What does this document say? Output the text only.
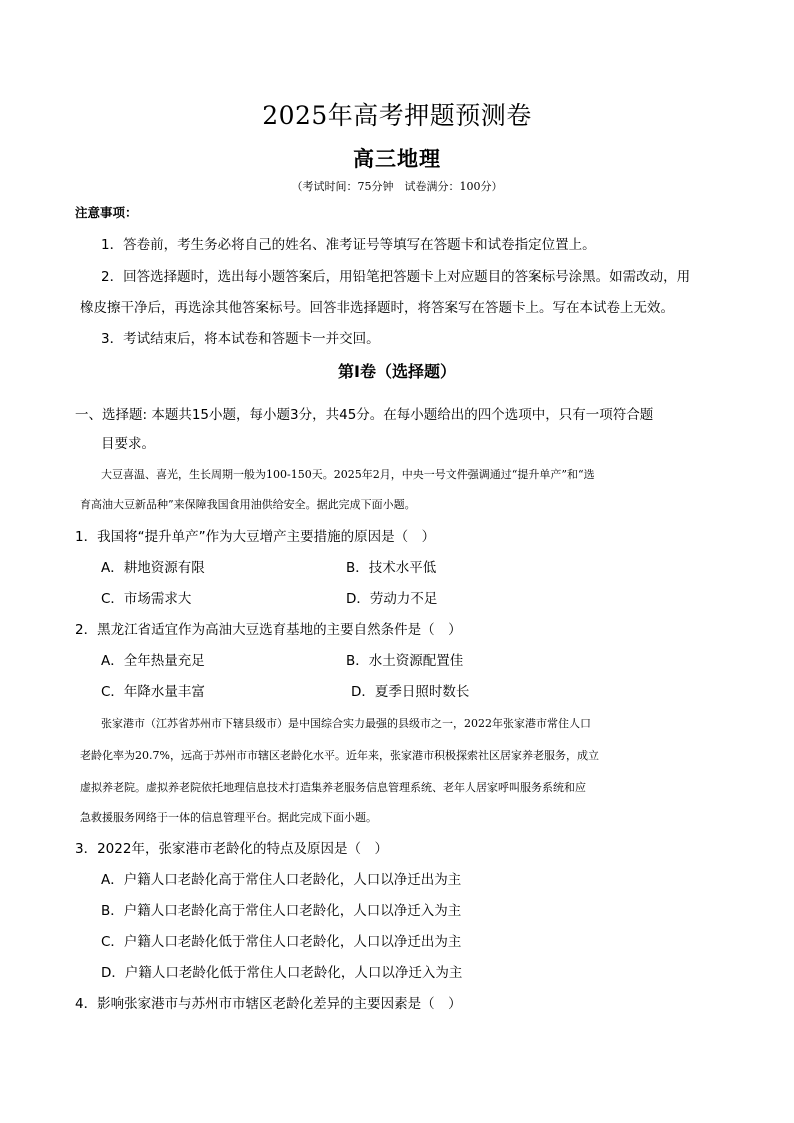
2025年高考押题预测卷
高三地理
（考试时间：75分钟　试卷满分：100分）
注意事项：
1．答卷前，考生务必将自己的姓名、准考证号等填写在答题卡和试卷指定位置上。
2．回答选择题时，选出每小题答案后，用铅笔把答题卡上对应题目的答案标号涂黑。如需改动，用
橡皮擦干净后，再选涂其他答案标号。回答非选择题时，将答案写在答题卡上。写在本试卷上无效。
3．考试结束后，将本试卷和答题卡一并交回。
第Ⅰ卷（选择题）
一、选择题: 本题共15小题，每小题3分，共45分。在每小题给出的四个选项中，只有一项符合题
目要求。
大豆喜温、喜光，生长周期一般为100-150天。2025年2月，中央一号文件强调通过“提升单产”和“选
育高油大豆新品种”来保障我国食用油供给安全。据此完成下面小题。
1．我国将“提升单产”作为大豆增产主要措施的原因是（　）
A．耕地资源有限	B．技术水平低
C．市场需求大	D．劳动力不足
2．黑龙江省适宜作为高油大豆选育基地的主要自然条件是（　）
A．全年热量充足	B．水土资源配置佳
C．年降水量丰富	D．夏季日照时数长
张家港市（江苏省苏州市下辖县级市）是中国综合实力最强的县级市之一，2022年张家港市常住人口
老龄化率为20.7%，远高于苏州市市辖区老龄化水平。近年来，张家港市积极探索社区居家养老服务，成立
虚拟养老院。虚拟养老院依托地理信息技术打造集养老服务信息管理系统、老年人居家呼叫服务系统和应
急救援服务网络于一体的信息管理平台。据此完成下面小题。
3．2022年，张家港市老龄化的特点及原因是（　）
A．户籍人口老龄化高于常住人口老龄化，人口以净迁出为主
B．户籍人口老龄化高于常住人口老龄化，人口以净迁入为主
C．户籍人口老龄化低于常住人口老龄化，人口以净迁出为主
D．户籍人口老龄化低于常住人口老龄化，人口以净迁入为主
4．影响张家港市与苏州市市辖区老龄化差异的主要因素是（　）
